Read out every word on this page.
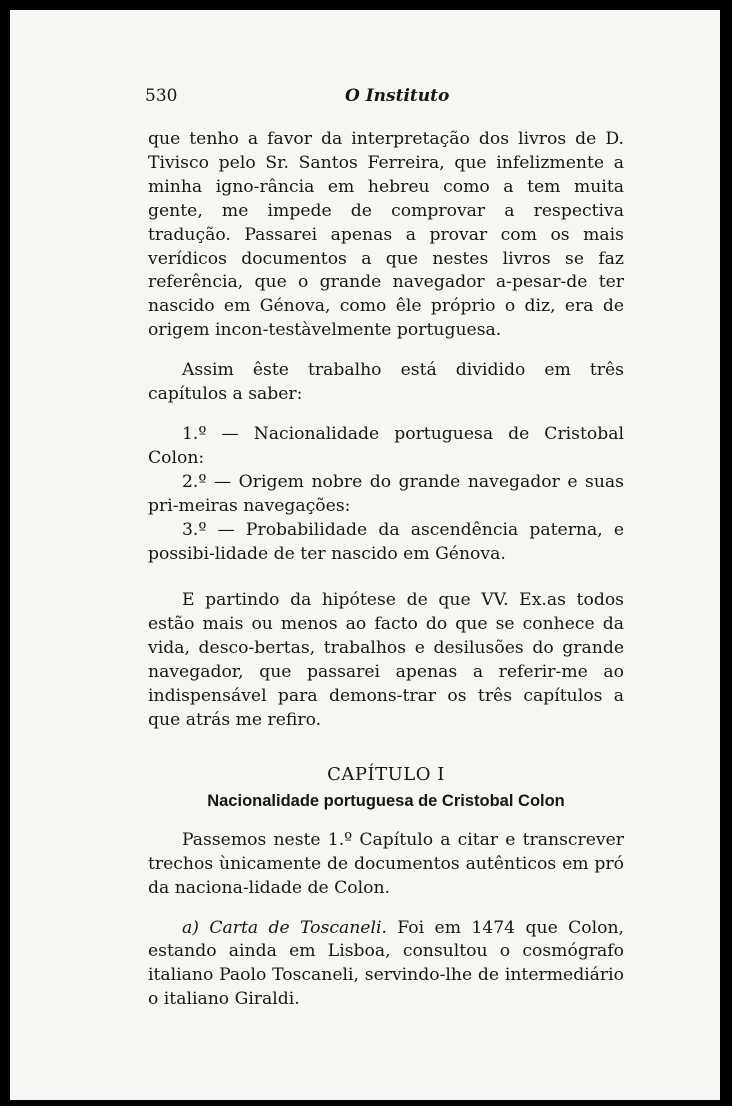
530	O Instituto

que tenho a favor da interpretação dos livros de D. Tivisco pelo Sr. Santos Ferreira, que infelizmente a minha igno-rância em hebreu como a tem muita gente, me impede de comprovar a respectiva tradução. Passarei apenas a provar com os mais verídicos documentos a que nestes livros se faz referência, que o grande navegador a-pesar-de ter nascido em Génova, como êle próprio o diz, era de origem incon-testàvelmente portuguesa.

Assim êste trabalho está dividido em três capítulos a saber:

1.º — Nacionalidade portuguesa de Cristobal Colon:

2.º — Origem nobre do grande navegador e suas pri-meiras navegações:

3.º — Probabilidade da ascendência paterna, e possibi-lidade de ter nascido em Génova.

E partindo da hipótese de que VV. Ex.as todos estão mais ou menos ao facto do que se conhece da vida, desco-bertas, trabalhos e desilusões do grande navegador, que passarei apenas a referir-me ao indispensável para demons-trar os três capítulos a que atrás me refiro.

CAPÍTULO I

Nacionalidade portuguesa de Cristobal Colon

Passemos neste 1.º Capítulo a citar e transcrever trechos ùnicamente de documentos autênticos em pró da naciona-lidade de Colon.

a) Carta de Toscaneli. Foi em 1474 que Colon, estando ainda em Lisboa, consultou o cosmógrafo italiano Paolo Toscaneli, servindo-lhe de intermediário o italiano Giraldi.
